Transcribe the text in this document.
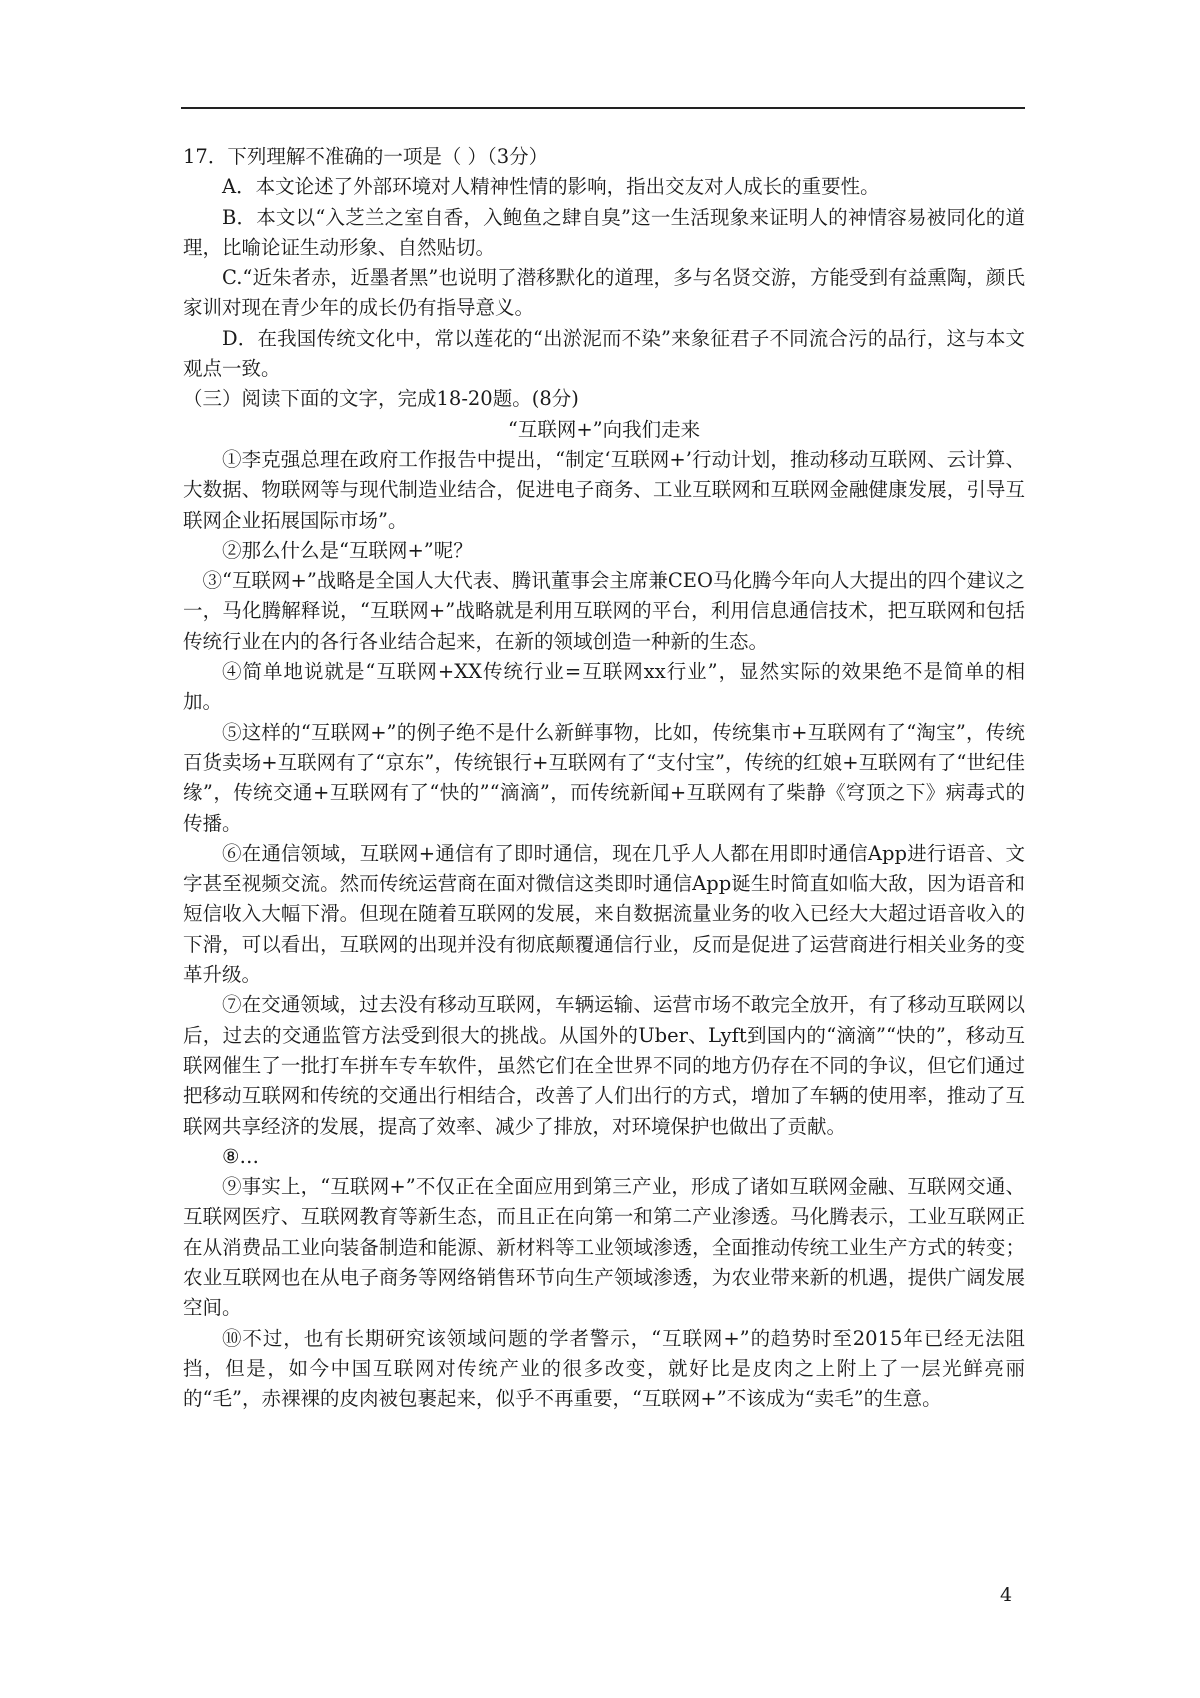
17．下列理解不准确的一项是（ ）（3分）

A．本文论述了外部环境对人精神性情的影响，指出交友对人成长的重要性。

B．本文以“入芝兰之室自香，入鲍鱼之肆自臭”这一生活现象来证明人的神情容易被同化的道理，比喻论证生动形象、自然贴切。

C.“近朱者赤，近墨者黑”也说明了潜移默化的道理，多与名贤交游，方能受到有益熏陶，颜氏家训对现在青少年的成长仍有指导意义。

D．在我国传统文化中，常以莲花的“出淤泥而不染”来象征君子不同流合污的品行，这与本文观点一致。

（三）阅读下面的文字，完成18-20题。(8分)

“互联网+”向我们走来

①李克强总理在政府工作报告中提出，“制定‘互联网+’行动计划，推动移动互联网、云计算、大数据、物联网等与现代制造业结合，促进电子商务、工业互联网和互联网金融健康发展，引导互联网企业拓展国际市场”。

②那么什么是“互联网+”呢？

③“互联网+”战略是全国人大代表、腾讯董事会主席兼CEO马化腾今年向人大提出的四个建议之一，马化腾解释说，“互联网+”战略就是利用互联网的平台，利用信息通信技术，把互联网和包括传统行业在内的各行各业结合起来，在新的领域创造一种新的生态。

④简单地说就是“互联网+XX传统行业=互联网xx行业”，显然实际的效果绝不是简单的相加。

⑤这样的“互联网+”的例子绝不是什么新鲜事物，比如，传统集市+互联网有了“淘宝”，传统百货卖场+互联网有了“京东”，传统银行+互联网有了“支付宝”，传统的红娘+互联网有了“世纪佳缘”，传统交通+互联网有了“快的”“滴滴”，而传统新闻+互联网有了柴静《穹顶之下》病毒式的传播。

⑥在通信领域，互联网+通信有了即时通信，现在几乎人人都在用即时通信App进行语音、文字甚至视频交流。然而传统运营商在面对微信这类即时通信App诞生时简直如临大敌，因为语音和短信收入大幅下滑。但现在随着互联网的发展，来自数据流量业务的收入已经大大超过语音收入的下滑，可以看出，互联网的出现并没有彻底颠覆通信行业，反而是促进了运营商进行相关业务的变革升级。

⑦在交通领域，过去没有移动互联网，车辆运输、运营市场不敢完全放开，有了移动互联网以后，过去的交通监管方法受到很大的挑战。从国外的Uber、Lyft到国内的“滴滴”“快的”，移动互联网催生了一批打车拼车专车软件，虽然它们在全世界不同的地方仍存在不同的争议，但它们通过把移动互联网和传统的交通出行相结合，改善了人们出行的方式，增加了车辆的使用率，推动了互联网共享经济的发展，提高了效率、减少了排放，对环境保护也做出了贡献。

⑧…

⑨事实上，“互联网+”不仅正在全面应用到第三产业，形成了诸如互联网金融、互联网交通、互联网医疗、互联网教育等新生态，而且正在向第一和第二产业渗透。马化腾表示，工业互联网正在从消费品工业向装备制造和能源、新材料等工业领域渗透，全面推动传统工业生产方式的转变；农业互联网也在从电子商务等网络销售环节向生产领域渗透，为农业带来新的机遇，提供广阔发展空间。

⑩不过，也有长期研究该领域问题的学者警示，“互联网+”的趋势时至2015年已经无法阻挡，但是，如今中国互联网对传统产业的很多改变，就好比是皮肉之上附上了一层光鲜亮丽的“毛”，赤裸裸的皮肉被包裹起来，似乎不再重要，“互联网+”不该成为“卖毛”的生意。

4
